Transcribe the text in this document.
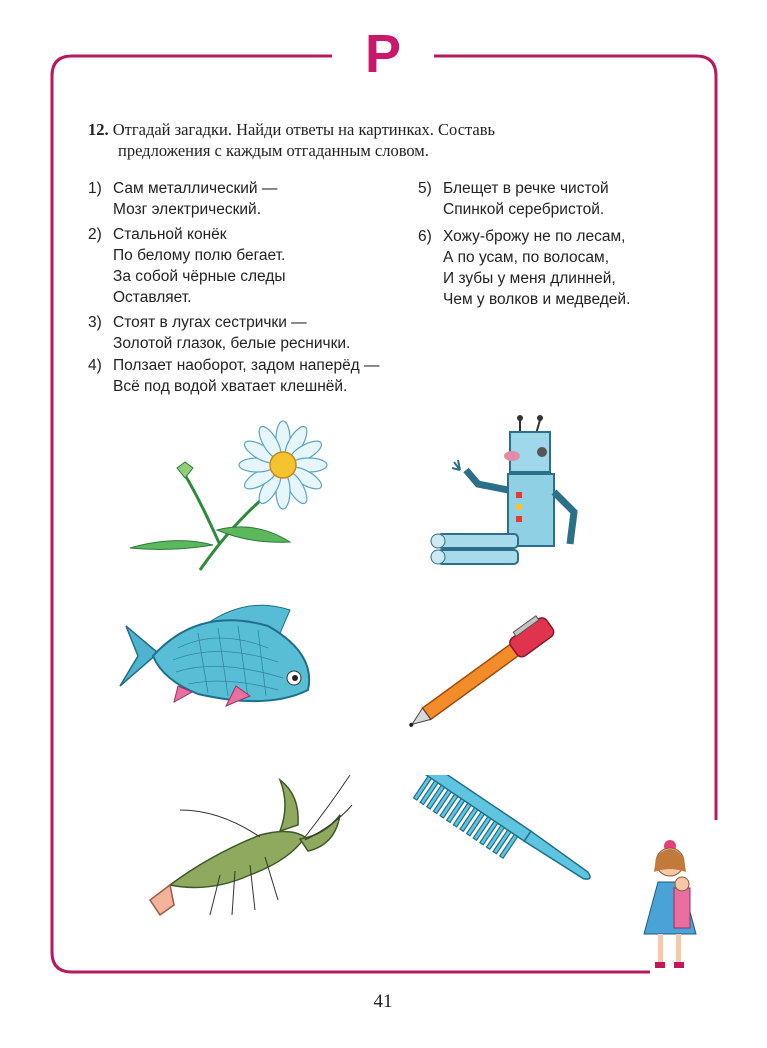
Р
12. Отгадай загадки. Найди ответы на картинках. Составь
предложения с каждым отгаданным словом.
1) Сам металлический —
Мозг электрический.
2) Стальной конёк
По белому полю бегает.
За собой чёрные следы
Оставляет.
3) Стоят в лугах сестрички —
Золотой глазок, белые реснички.
4) Ползает наоборот, задом наперёд —
Всё под водой хватает клешнёй.
5) Блещет в речке чистой
Спинкой серебристой.
6) Хожу-брожу не по лесам,
А по усам, по волосам,
И зубы у меня длинней,
Чем у волков и медведей.
41
